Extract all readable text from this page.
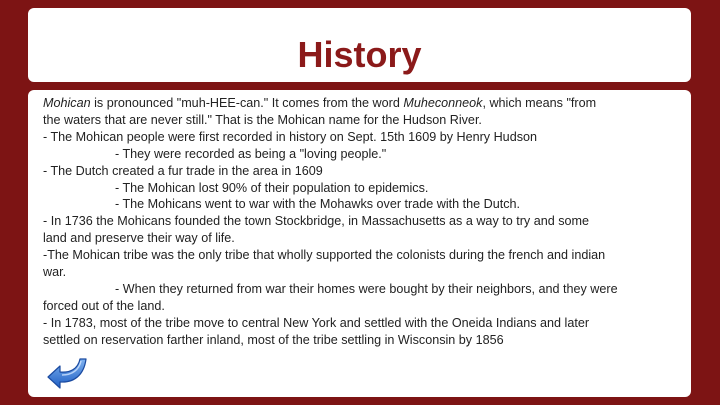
History
Mohican is pronounced "muh-HEE-can." It comes from the word Muheconneok, which means "from
the waters that are never still." That is the Mohican name for the Hudson River.
- The Mohican people were first recorded in history on Sept. 15th 1609 by Henry Hudson
- They were recorded as being a "loving people."
- The Dutch created a fur trade in the area in 1609
- The Mohican lost 90% of their population to epidemics.
- The Mohicans went to war with the Mohawks over trade with the Dutch.
- In 1736 the Mohicans founded the town Stockbridge, in Massachusetts as a way to try and some
land and preserve their way of life.
-The Mohican tribe was the only tribe that wholly supported the colonists during the french and indian
war.
- When they returned from war their homes were bought by their neighbors, and they were
forced out of the land.
- In 1783, most of the tribe move to central New York and settled with the Oneida Indians and later
settled on reservation farther inland, most of the tribe settling in Wisconsin by 1856
